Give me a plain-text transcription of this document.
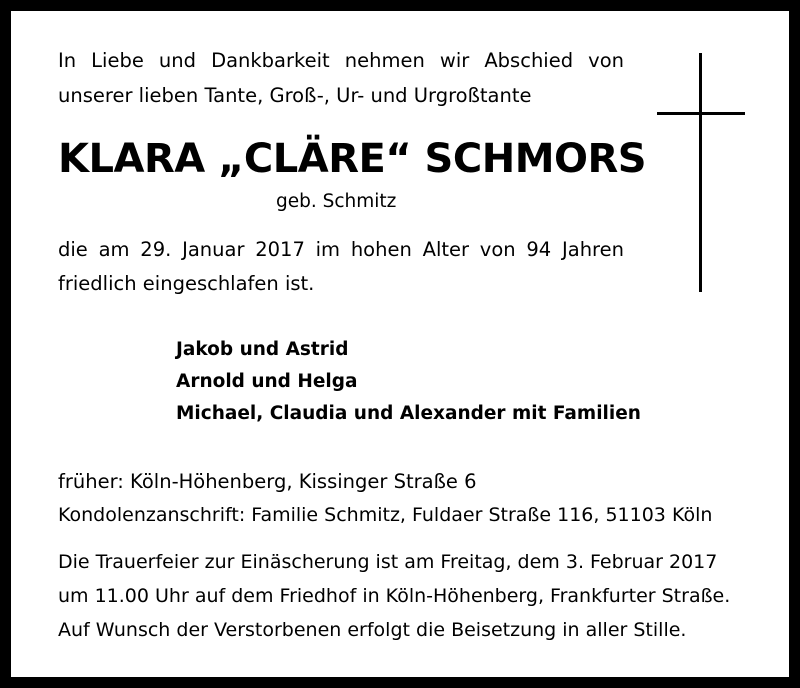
In Liebe und Dankbarkeit nehmen wir Abschied von
unserer lieben Tante, Groß-, Ur- und Urgroßtante
KLARA „CLÄRE“ SCHMORS
geb. Schmitz
die am 29. Januar 2017 im hohen Alter von 94 Jahren
friedlich eingeschlafen ist.
Jakob und Astrid
Arnold und Helga
Michael, Claudia und Alexander mit Familien
früher: Köln-Höhenberg, Kissinger Straße 6
Kondolenzanschrift: Familie Schmitz, Fuldaer Straße 116, 51103 Köln
Die Trauerfeier zur Einäscherung ist am Freitag, dem 3. Februar 2017
um 11.00 Uhr auf dem Friedhof in Köln-Höhenberg, Frankfurter Straße.
Auf Wunsch der Verstorbenen erfolgt die Beisetzung in aller Stille.
